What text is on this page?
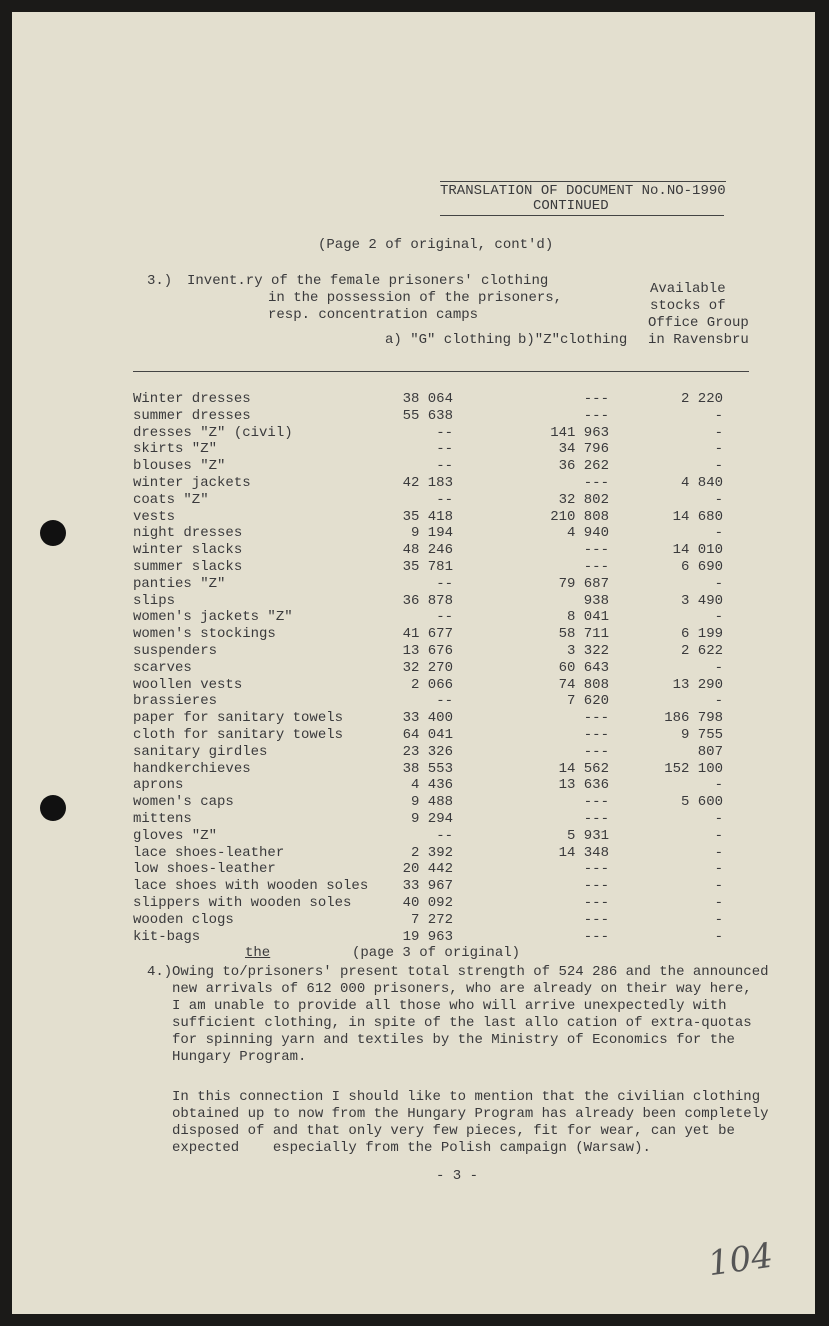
TRANSLATION OF DOCUMENT No.NO-1990
CONTINUED
(Page 2 of original, cont'd)
3.) Invent.ry of the female prisoners' clothing
in the possession of the prisoners,
resp. concentration camps
Available
stocks of
Office Group
in Ravensbru
a) "G" clothing b)"Z"clothing
Winter dresses	38 064	---	2 220
summer dresses	55 638	---	-
dresses "Z" (civil)	--	141 963	-
skirts "Z"	--	34 796	-
blouses "Z"	--	36 262	-
winter jackets	42 183	---	4 840
coats "Z"	--	32 802	-
vests	35 418	210 808	14 680
night dresses	9 194	4 940	-
winter slacks	48 246	---	14 010
summer slacks	35 781	---	6 690
panties "Z"	--	79 687	-
slips	36 878	938	3 490
women's jackets "Z"	--	8 041	-
women's stockings	41 677	58 711	6 199
suspenders	13 676	3 322	2 622
scarves	32 270	60 643	-
woollen vests	2 066	74 808	13 290
brassieres	--	7 620	-
paper for sanitary towels	33 400	---	186 798
cloth for sanitary towels	64 041	---	9 755
sanitary girdles	23 326	---	807
handkerchieves	38 553	14 562	152 100
aprons	4 436	13 636	-
women's caps	9 488	---	5 600
mittens	9 294	---	-
gloves "Z"	--	5 931	-
lace shoes-leather	2 392	14 348	-
low shoes-leather	20 442	---	-
lace shoes with wooden soles	33 967	---	-
slippers with wooden soles	40 092	---	-
wooden clogs	7 272	---	-
kit-bags	19 963	---	-
the	(page 3 of original)
4.) Owing to/prisoners' present total strength of 524 286 and the announced
new arrivals of 612 000 prisoners, who are already on their way here,
I am unable to provide all those who will arrive unexpectedly with
sufficient clothing, in spite of the last allo cation of extra-quotas
for spinning yarn and textiles by the Ministry of Economics for the
Hungary Program.
In this connection I should like to mention that the civilian clothing
obtained up to now from the Hungary Program has already been completely
disposed of and that only very few pieces, fit for wear, can yet be
expected    especially from the Polish campaign (Warsaw).
- 3 -
104
